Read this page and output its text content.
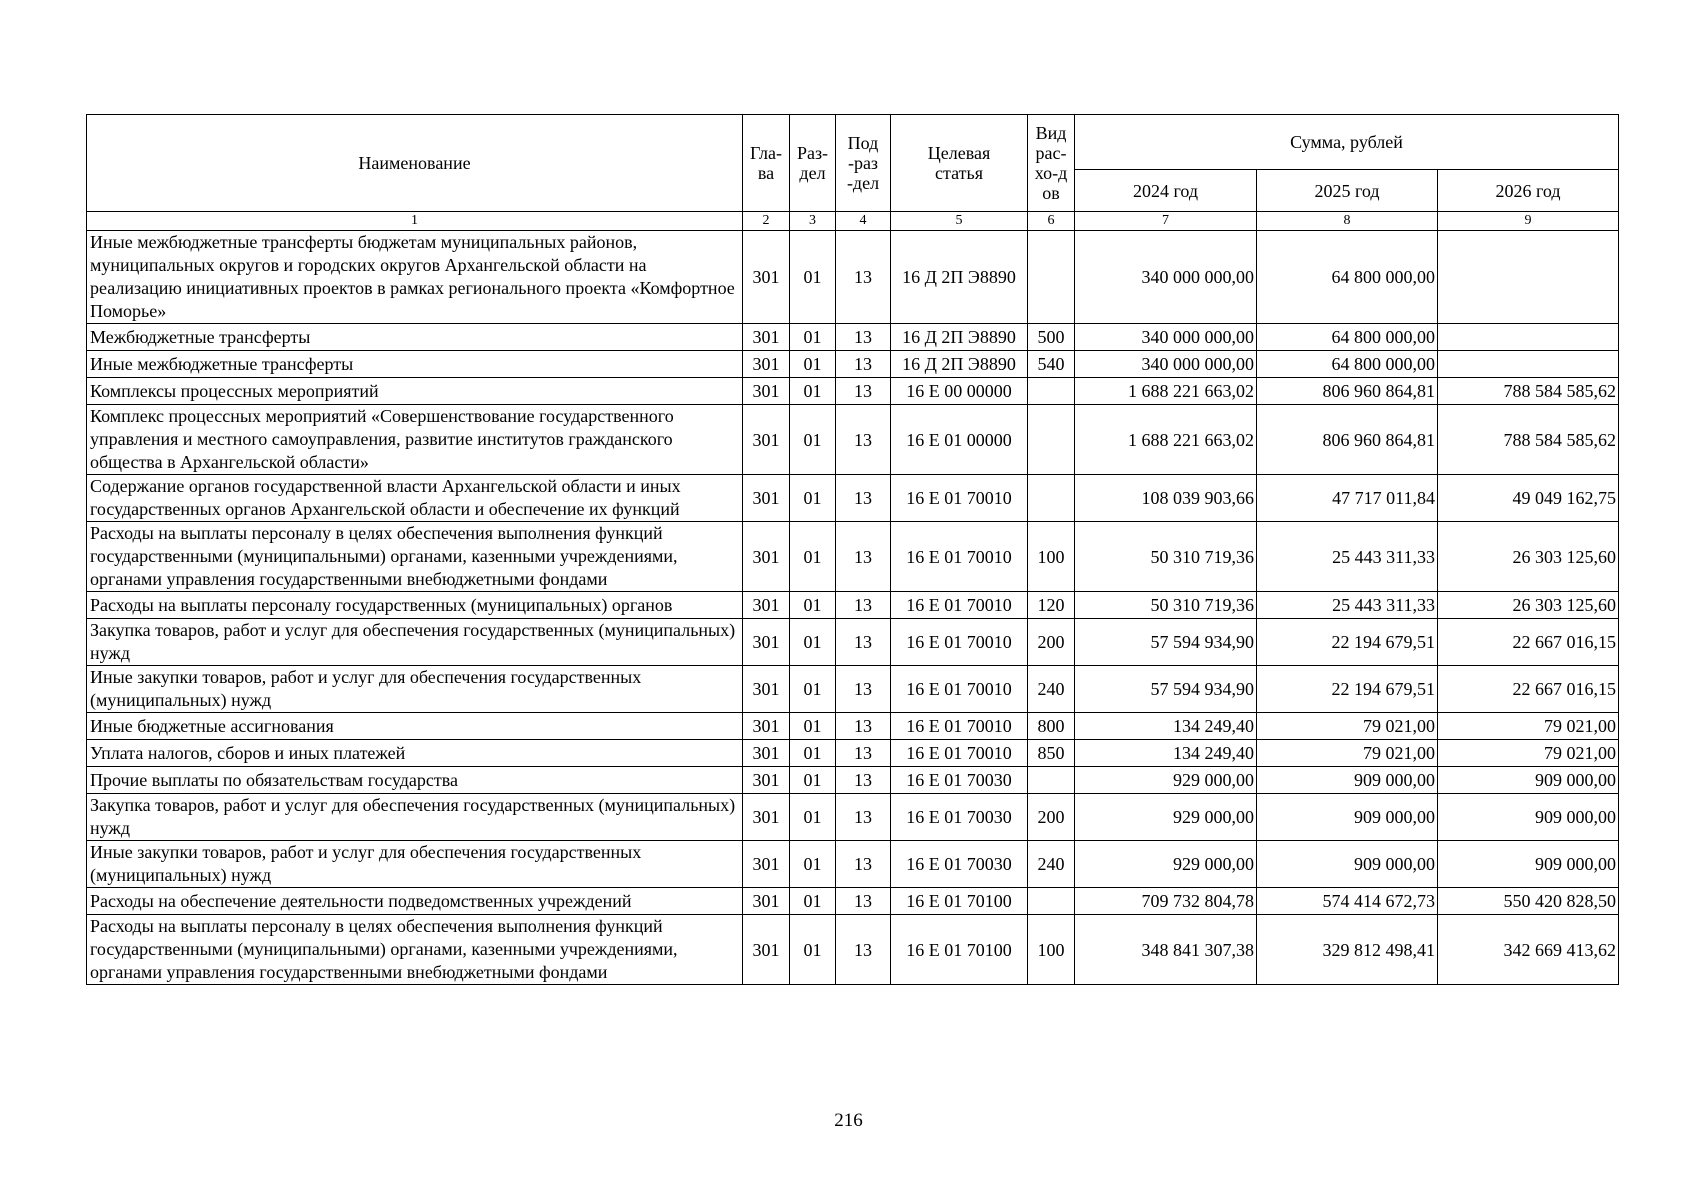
Наименование	Гла-ва	Раз-дел	Под-раз-дел	Целевая статья	Вид рас-хо-дов	Сумма, рублей		
						2024 год	2025 год	2026 год
1	2	3	4	5	6	7	8	9
Иные межбюджетные трансферты бюджетам муниципальных районов, муниципальных округов и городских округов Архангельской области на реализацию инициативных проектов в рамках регионального проекта «Комфортное Поморье»	301	01	13	16 Д 2П Э8890		340 000 000,00	64 800 000,00	
Межбюджетные трансферты	301	01	13	16 Д 2П Э8890	500	340 000 000,00	64 800 000,00	
Иные межбюджетные трансферты	301	01	13	16 Д 2П Э8890	540	340 000 000,00	64 800 000,00	
Комплексы процессных мероприятий	301	01	13	16 Е 00 00000		1 688 221 663,02	806 960 864,81	788 584 585,62
Комплекс процессных мероприятий «Совершенствование государственного управления и местного самоуправления, развитие институтов гражданского общества в Архангельской области»	301	01	13	16 Е 01 00000		1 688 221 663,02	806 960 864,81	788 584 585,62
Содержание органов государственной власти Архангельской области и иных государственных органов Архангельской области и обеспечение их функций	301	01	13	16 Е 01 70010		108 039 903,66	47 717 011,84	49 049 162,75
Расходы на выплаты персоналу в целях обеспечения выполнения функций государственными (муниципальными) органами, казенными учреждениями, органами управления государственными внебюджетными фондами	301	01	13	16 Е 01 70010	100	50 310 719,36	25 443 311,33	26 303 125,60
Расходы на выплаты персоналу государственных (муниципальных) органов	301	01	13	16 Е 01 70010	120	50 310 719,36	25 443 311,33	26 303 125,60
Закупка товаров, работ и услуг для обеспечения государственных (муниципальных) нужд	301	01	13	16 Е 01 70010	200	57 594 934,90	22 194 679,51	22 667 016,15
Иные закупки товаров, работ и услуг для обеспечения государственных (муниципальных) нужд	301	01	13	16 Е 01 70010	240	57 594 934,90	22 194 679,51	22 667 016,15
Иные бюджетные ассигнования	301	01	13	16 Е 01 70010	800	134 249,40	79 021,00	79 021,00
Уплата налогов, сборов и иных платежей	301	01	13	16 Е 01 70010	850	134 249,40	79 021,00	79 021,00
Прочие выплаты по обязательствам государства	301	01	13	16 Е 01 70030		929 000,00	909 000,00	909 000,00
Закупка товаров, работ и услуг для обеспечения государственных (муниципальных) нужд	301	01	13	16 Е 01 70030	200	929 000,00	909 000,00	909 000,00
Иные закупки товаров, работ и услуг для обеспечения государственных (муниципальных) нужд	301	01	13	16 Е 01 70030	240	929 000,00	909 000,00	909 000,00
Расходы на обеспечение деятельности подведомственных учреждений	301	01	13	16 Е 01 70100		709 732 804,78	574 414 672,73	550 420 828,50
Расходы на выплаты персоналу в целях обеспечения выполнения функций государственными (муниципальными) органами, казенными учреждениями, органами управления государственными внебюджетными фондами	301	01	13	16 Е 01 70100	100	348 841 307,38	329 812 498,41	342 669 413,62
216
